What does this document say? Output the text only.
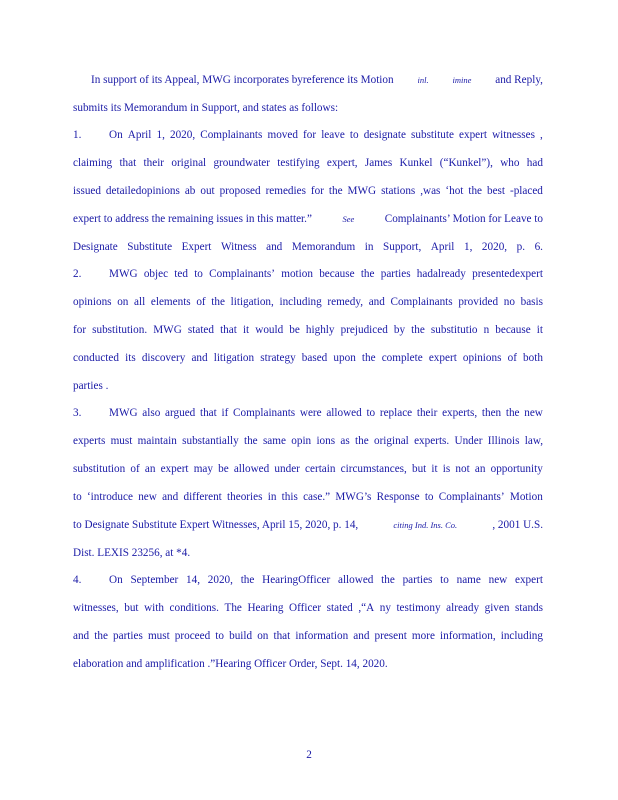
In support of its Appeal, MWG incorporates byreference its Motion	inl.	imine and Reply,
submits its Memorandum in Support, and states as follows:
1.	On April 1, 2020, Complainants moved for leave to designate substitute expert witnesses ,
claiming that their original groundwater testifying expert, James Kunkel (“Kunkel”), who had
issued detailedopinions ab out proposed remedies for the MWG stations ,was ‘hot the best -placed
expert to address the remaining issues in this matter.”	See	Complainants’ Motion for Leave to
Designate Substitute Expert Witness and Memorandum in Support, April 1, 2020, p. 6.
2.	MWG objec ted to Complainants’ motion because the parties hadalready presentedexpert
opinions on all elements of the litigation, including remedy, and Complainants provided no basis
for substitution. MWG stated that it would be highly prejudiced by the substitutio n because it
conducted its discovery and litigation strategy based upon the complete expert opinions of both
parties .
3.	MWG also argued that if Complainants were allowed to replace their experts, then the new
experts must maintain substantially the same opin ions as the original experts. Under Illinois law,
substitution of an expert may be allowed under certain circumstances, but it is not an opportunity
to ‘introduce new and different theories in this case.” MWG’s Response to Complainants’ Motion
to Designate Substitute Expert Witnesses, April 15, 2020, p. 14,	citing Ind. Ins. Co.	, 2001 U.S.
Dist. LEXIS 23256, at *4.
4.	On September 14, 2020, the HearingOfficer allowed the parties to name new expert
witnesses, but with conditions. The Hearing Officer stated ,“A ny testimony already given stands
and the parties must proceed to build on that information and present more information, including
elaboration and amplification .”Hearing Officer Order, Sept. 14, 2020.
2
